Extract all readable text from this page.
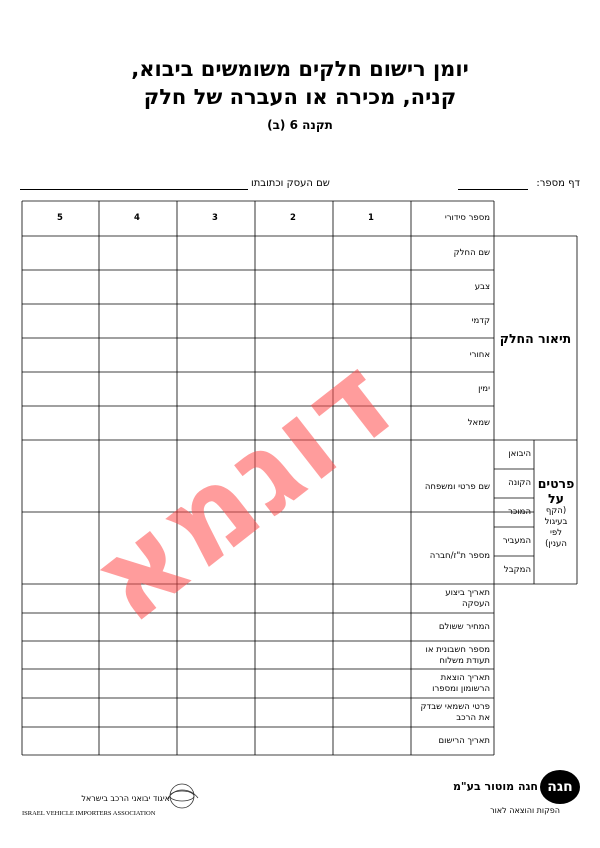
יומן רישום חלקים משומשים ביבוא,
קניה, מכירה או העברה של חלק
תקנה 6 (ב)
דף מספר:
שם העסק וכתובתו
מספר סידורי
1
2
3
4
5
תיאור החלק
שם החלק
צבע
קדמי
אחורי
ימין
שמאל
פרטים
על
(הקף
בעיגול
לפי
הענין)
היבואן
הקונה
המוכר
המעביר
המקבל
שם פרטי ומשפחה
מספר ת"ז/חברה
תאריך ביצוע
העסקה
המחיר ששולם
מספר חשבונית או
תעודת משלוח
תאריך הוצאת
הרשומון ומספרו
פרטי השמאי שבדק
את הרכב
תאריך הרישום
דוגמא
איגוד יבואני הרכב בישראל
ISRAEL VEHICLE IMPORTERS ASSOCIATION
חגה
חגה מוטור בע"מ
הפקות והוצאה לאור
